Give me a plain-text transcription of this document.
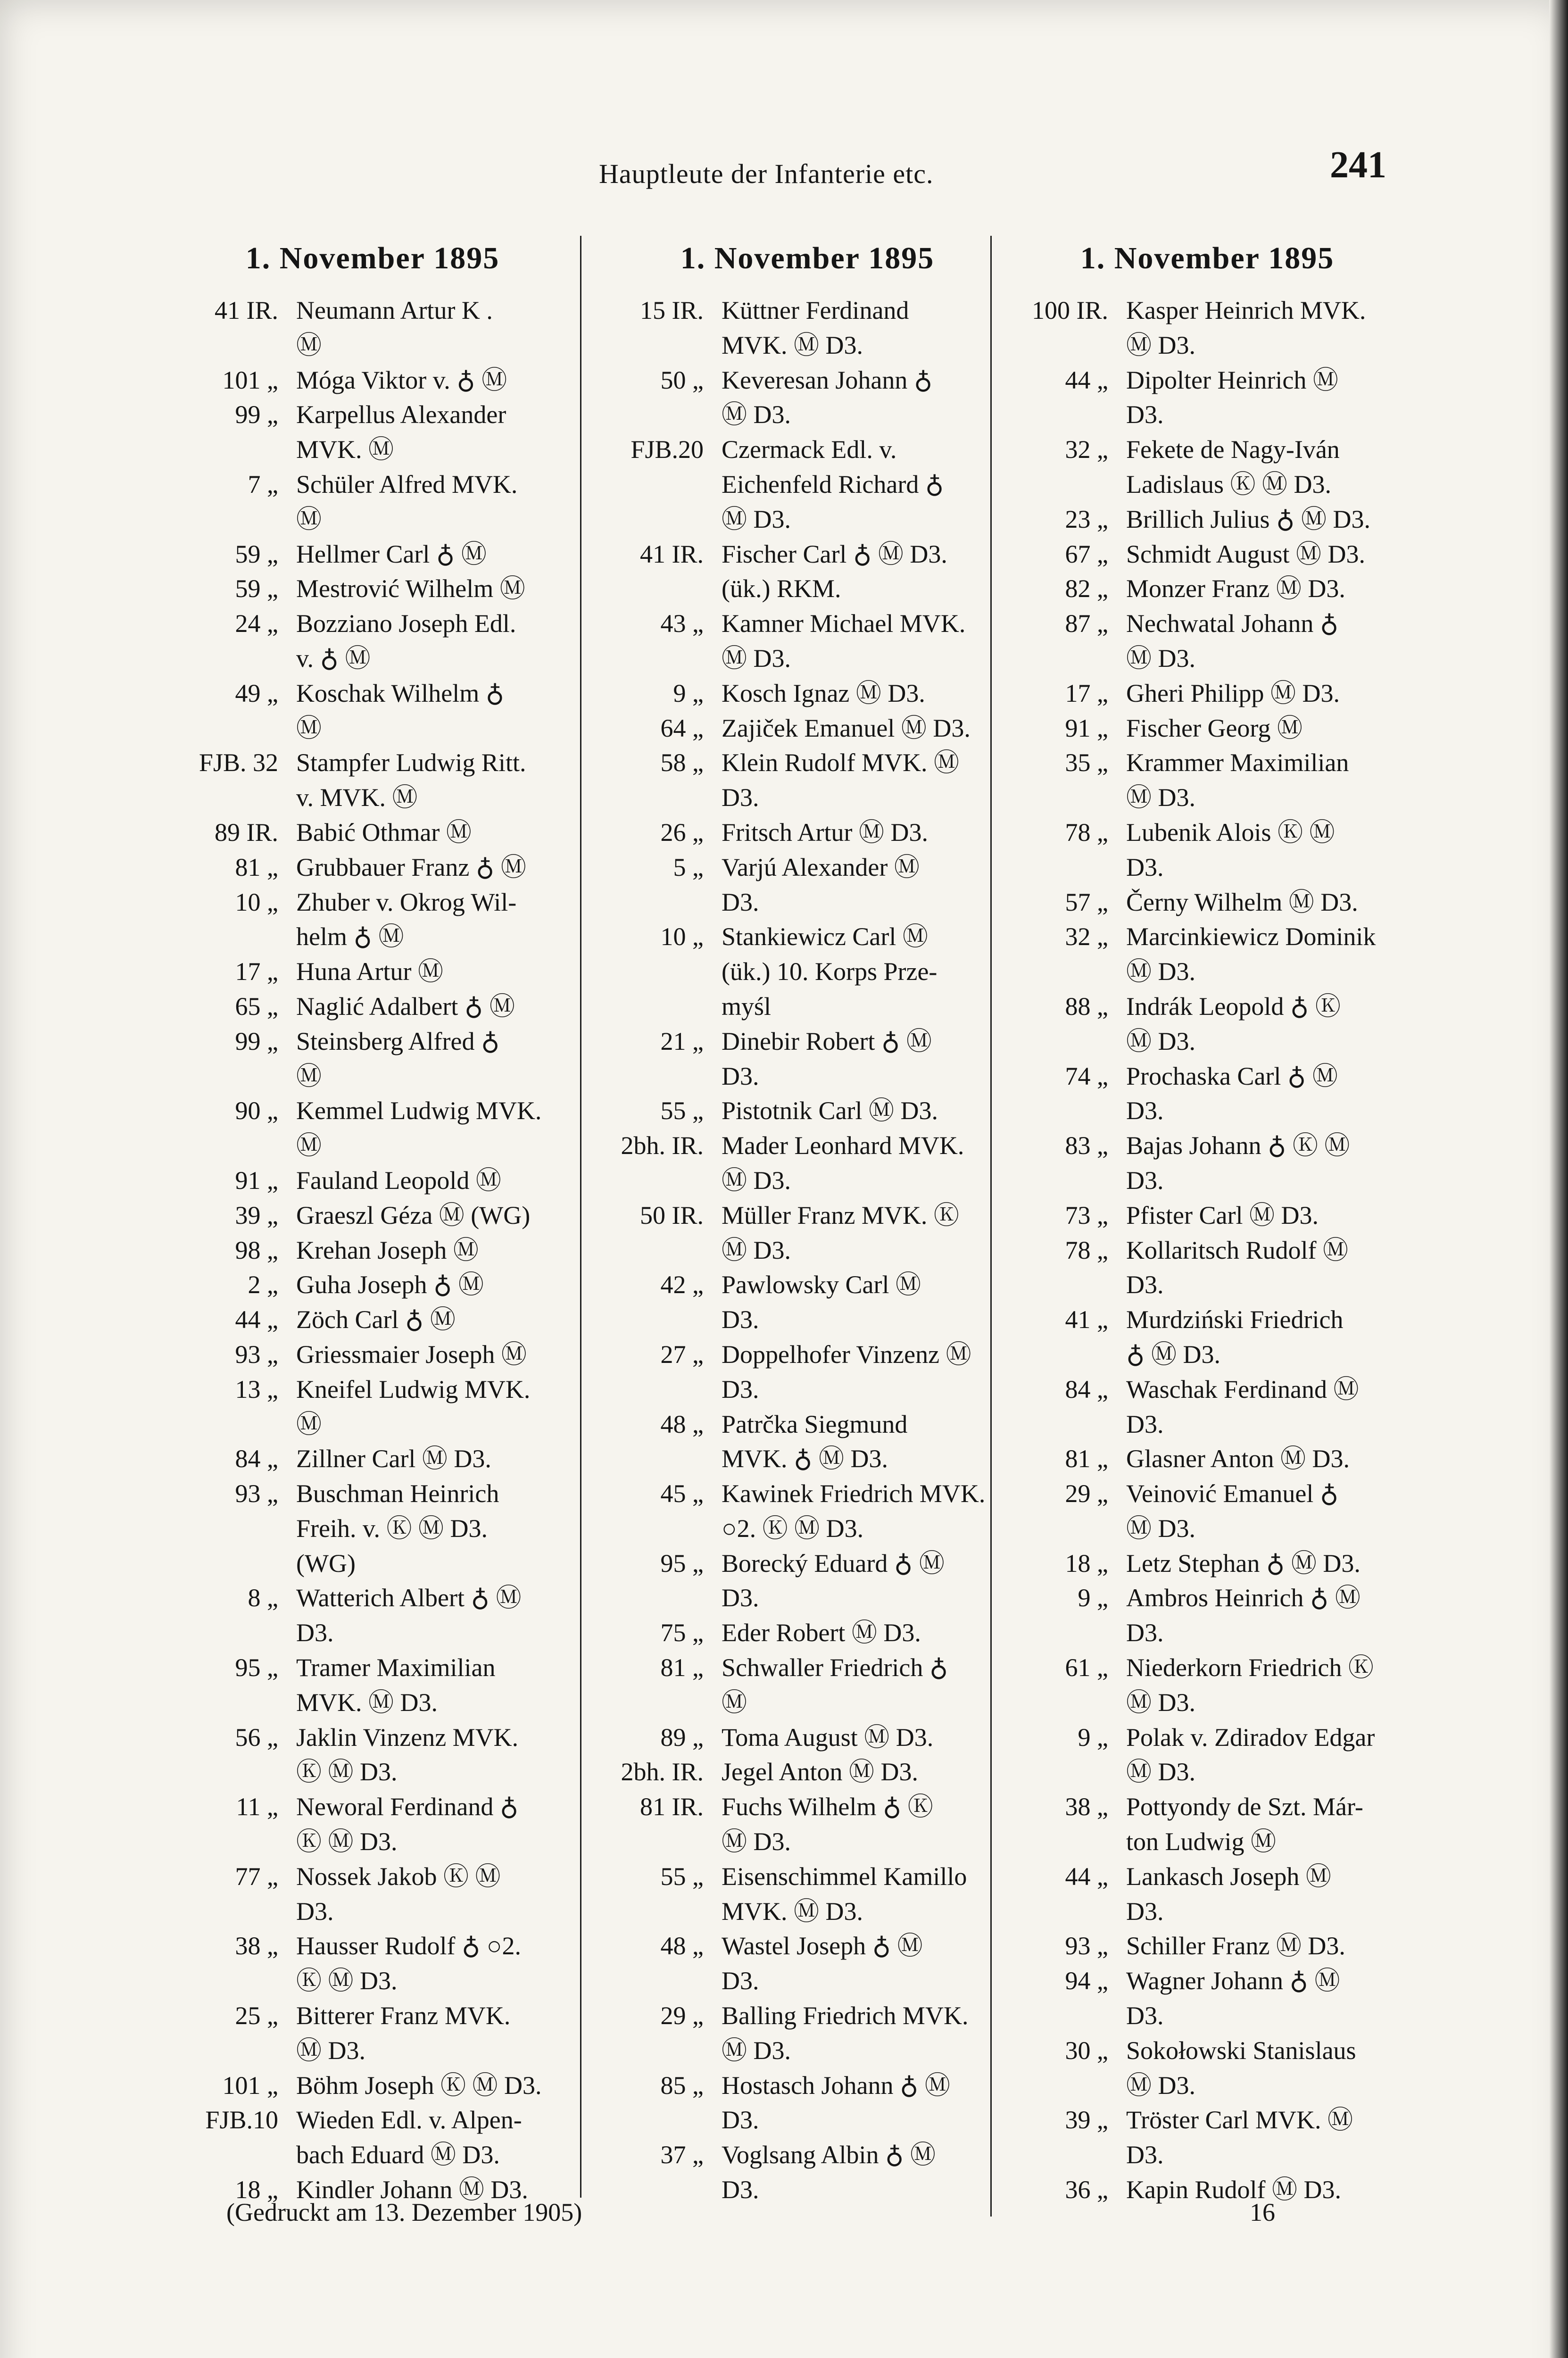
Hauptleute der Infanterie etc.	241
1. November 1895
41 IR. Neumann Artur K .
Ⓜ
101 „ Móga Viktor v. ♁ Ⓜ
99 „ Karpellus Alexander
MVK. Ⓜ
7 „ Schüler Alfred MVK.
Ⓜ
59 „ Hellmer Carl ♁ Ⓜ
59 „ Mestrović Wilhelm Ⓜ
24 „ Bozziano Joseph Edl.
v. ♁ Ⓜ
49 „ Koschak Wilhelm ♁
Ⓜ
FJB. 32 Stampfer Ludwig Ritt.
v. MVK. Ⓜ
89 IR. Babić Othmar Ⓜ
81 „ Grubbauer Franz ♁ Ⓜ
10 „ Zhuber v. Okrog Wil-
helm ♁ Ⓜ
17 „ Huna Artur Ⓜ
65 „ Naglić Adalbert ♁ Ⓜ
99 „ Steinsberg Alfred ♁
Ⓜ
90 „ Kemmel Ludwig MVK.
Ⓜ
91 „ Fauland Leopold Ⓜ
39 „ Graeszl Géza Ⓜ (WG)
98 „ Krehan Joseph Ⓜ
2 „ Guha Joseph ♁ Ⓜ
44 „ Zöch Carl ♁ Ⓜ
93 „ Griessmaier Joseph Ⓜ
13 „ Kneifel Ludwig MVK.
Ⓜ
84 „ Zillner Carl Ⓜ D3.
93 „ Buschman Heinrich
Freih. v. Ⓚ Ⓜ D3.
(WG)
8 „ Watterich Albert ♁ Ⓜ
D3.
95 „ Tramer Maximilian
MVK. Ⓜ D3.
56 „ Jaklin Vinzenz MVK.
Ⓚ Ⓜ D3.
11 „ Neworal Ferdinand ♁
Ⓚ Ⓜ D3.
77 „ Nossek Jakob Ⓚ Ⓜ
D3.
38 „ Hausser Rudolf ♁ ○2.
Ⓚ Ⓜ D3.
25 „ Bitterer Franz MVK.
Ⓜ D3.
101 „ Böhm Joseph Ⓚ Ⓜ D3.
FJB.10 Wieden Edl. v. Alpen-
bach Eduard Ⓜ D3.
18 „ Kindler Johann Ⓜ D3.
1. November 1895
15 IR. Küttner Ferdinand
MVK. Ⓜ D3.
50 „ Keveresan Johann ♁
Ⓜ D3.
FJB.20 Czermack Edl. v.
Eichenfeld Richard ♁
Ⓜ D3.
41 IR. Fischer Carl ♁ Ⓜ D3.
(ük.) RKM.
43 „ Kamner Michael MVK.
Ⓜ D3.
9 „ Kosch Ignaz Ⓜ D3.
64 „ Zajiček Emanuel Ⓜ D3.
58 „ Klein Rudolf MVK. Ⓜ
D3.
26 „ Fritsch Artur Ⓜ D3.
5 „ Varjú Alexander Ⓜ
D3.
10 „ Stankiewicz Carl Ⓜ
(ük.) 10. Korps Prze-
myśl
21 „ Dinebir Robert ♁ Ⓜ
D3.
55 „ Pistotnik Carl Ⓜ D3.
2bh. IR. Mader Leonhard MVK.
Ⓜ D3.
50 IR. Müller Franz MVK. Ⓚ
Ⓜ D3.
42 „ Pawlowsky Carl Ⓜ
D3.
27 „ Doppelhofer Vinzenz Ⓜ
D3.
48 „ Patrčka Siegmund
MVK. ♁ Ⓜ D3.
45 „ Kawinek Friedrich MVK.
○2. Ⓚ Ⓜ D3.
95 „ Borecký Eduard ♁ Ⓜ
D3.
75 „ Eder Robert Ⓜ D3.
81 „ Schwaller Friedrich ♁
Ⓜ
89 „ Toma August Ⓜ D3.
2bh. IR. Jegel Anton Ⓜ D3.
81 IR. Fuchs Wilhelm ♁ Ⓚ
Ⓜ D3.
55 „ Eisenschimmel Kamillo
MVK. Ⓜ D3.
48 „ Wastel Joseph ♁ Ⓜ
D3.
29 „ Balling Friedrich MVK.
Ⓜ D3.
85 „ Hostasch Johann ♁ Ⓜ
D3.
37 „ Voglsang Albin ♁ Ⓜ
D3.
1. November 1895
100 IR. Kasper Heinrich MVK.
Ⓜ D3.
44 „ Dipolter Heinrich Ⓜ
D3.
32 „ Fekete de Nagy-Iván
Ladislaus Ⓚ Ⓜ D3.
23 „ Brillich Julius ♁ Ⓜ D3.
67 „ Schmidt August Ⓜ D3.
82 „ Monzer Franz Ⓜ D3.
87 „ Nechwatal Johann ♁
Ⓜ D3.
17 „ Gheri Philipp Ⓜ D3.
91 „ Fischer Georg Ⓜ
35 „ Krammer Maximilian
Ⓜ D3.
78 „ Lubenik Alois Ⓚ Ⓜ
D3.
57 „ Černy Wilhelm Ⓜ D3.
32 „ Marcinkiewicz Dominik
Ⓜ D3.
88 „ Indrák Leopold ♁ Ⓚ
Ⓜ D3.
74 „ Prochaska Carl ♁ Ⓜ
D3.
83 „ Bajas Johann ♁ Ⓚ Ⓜ
D3.
73 „ Pfister Carl Ⓜ D3.
78 „ Kollaritsch Rudolf Ⓜ
D3.
41 „ Murdziński Friedrich
♁ Ⓜ D3.
84 „ Waschak Ferdinand Ⓜ
D3.
81 „ Glasner Anton Ⓜ D3.
29 „ Veinović Emanuel ♁
Ⓜ D3.
18 „ Letz Stephan ♁ Ⓜ D3.
9 „ Ambros Heinrich ♁ Ⓜ
D3.
61 „ Niederkorn Friedrich Ⓚ
Ⓜ D3.
9 „ Polak v. Zdiradov Edgar
Ⓜ D3.
38 „ Pottyondy de Szt. Már-
ton Ludwig Ⓜ
44 „ Lankasch Joseph Ⓜ
D3.
93 „ Schiller Franz Ⓜ D3.
94 „ Wagner Johann ♁ Ⓜ
D3.
30 „ Sokołowski Stanislaus
Ⓜ D3.
39 „ Tröster Carl MVK. Ⓜ
D3.
36 „ Kapin Rudolf Ⓜ D3.
(Gedruckt am 13. Dezember 1905)	16
